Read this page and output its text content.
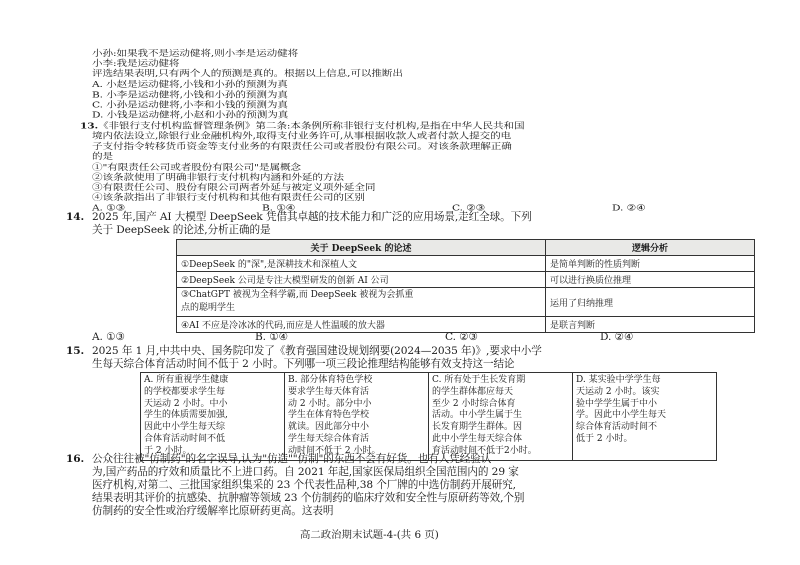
小孙:如果我不是运动健将,则小李是运动健将
小李:我是运动健将
评选结果表明,只有两个人的预测是真的。根据以上信息,可以推断出
A. 小赵是运动健将,小钱和小孙的预测为真
B. 小李是运动健将,小钱和小孙的预测为真
C. 小孙是运动健将,小李和小钱的预测为真
D. 小钱是运动健将,小赵和小孙的预测为真
13. 《非银行支付机构监督管理条例》第二条:本条例所称非银行支付机构,是指在中华人民共和国
境内依法设立,除银行业金融机构外,取得支付业务许可,从事根据收款人或者付款人提交的电
子支付指令转移货币资金等支付业务的有限责任公司或者股份有限公司。对该条款理解正确
的是
①"有限责任公司或者股份有限公司"是属概念
②该条款使用了明确非银行支付机构内涵和外延的方法
③有限责任公司、股份有限公司两者外延与被定义项外延全同
④该条款指出了非银行支付机构和其他有限责任公司的区别
A. ①③	B. ①④	C. ②③	D. ②④
14. 2025 年,国产 AI 大模型 DeepSeek 凭借其卓越的技术能力和广泛的应用场景,走红全球。下列
关于 DeepSeek 的论述,分析正确的是
关于 DeepSeek 的论述	逻辑分析
①DeepSeek 的"深",是深耕技术和深植人文	是简单判断的性质判断
②DeepSeek 公司是专注大模型研发的创新 AI 公司	可以进行换质位推理
③ChatGPT 被视为全科学霸,而 DeepSeek 被视为会抓重
点的聪明学生	运用了归纳推理
④AI 不应是冷冰冰的代码,而应是人性温暖的放大器	是联言判断
A. ①③	B. ①④	C. ②③	D. ②④
15. 2025 年 1 月,中共中央、国务院印发了《教育强国建设规划纲要(2024—2035 年)》,要求中小学
生每天综合体育活动时间不低于 2 小时。下列哪一项三段论推理结构能够有效支持这一结论
A. 所有重视学生健康
的学校都要求学生每
天运动 2 小时。中小
学生的体质需要加强,
因此中小学生每天综
合体育活动时间不低
于 2 小时。

B. 部分体育特色学校
要求学生每天体育活
动 2 小时。部分中小
学生在体育特色学校
就读。因此部分中小
学生每天综合体育活
动时间不低于 2 小时。

C. 所有处于生长发育期
的学生群体都应每天
至少 2 小时综合体育
活动。中小学生属于生
长发育期学生群体。因
此中小学生每天综合体
育活动时间不低于2小时。

D. 某实验中学学生每
天运动 2 小时。该实
验中学学生属于中小
学。因此中小学生每天
综合体育活动时间不
低于 2 小时。
16. 公众往往被"仿制药"的名字误导,认为"仿造""仿制"的东西不会有好货。也有人凭经验认
为,国产药品的疗效和质量比不上进口药。自 2021 年起,国家医保局组织全国范围内的 29 家
医疗机构,对第二、三批国家组织集采的 23 个代表性品种,38 个厂牌的中选仿制药开展研究,
结果表明其评价的抗感染、抗肿瘤等领域 23 个仿制药的临床疗效和安全性与原研药等效,个别
仿制药的安全性或治疗缓解率比原研药更高。这表明
高二政治期末试题-4-(共 6 页)
